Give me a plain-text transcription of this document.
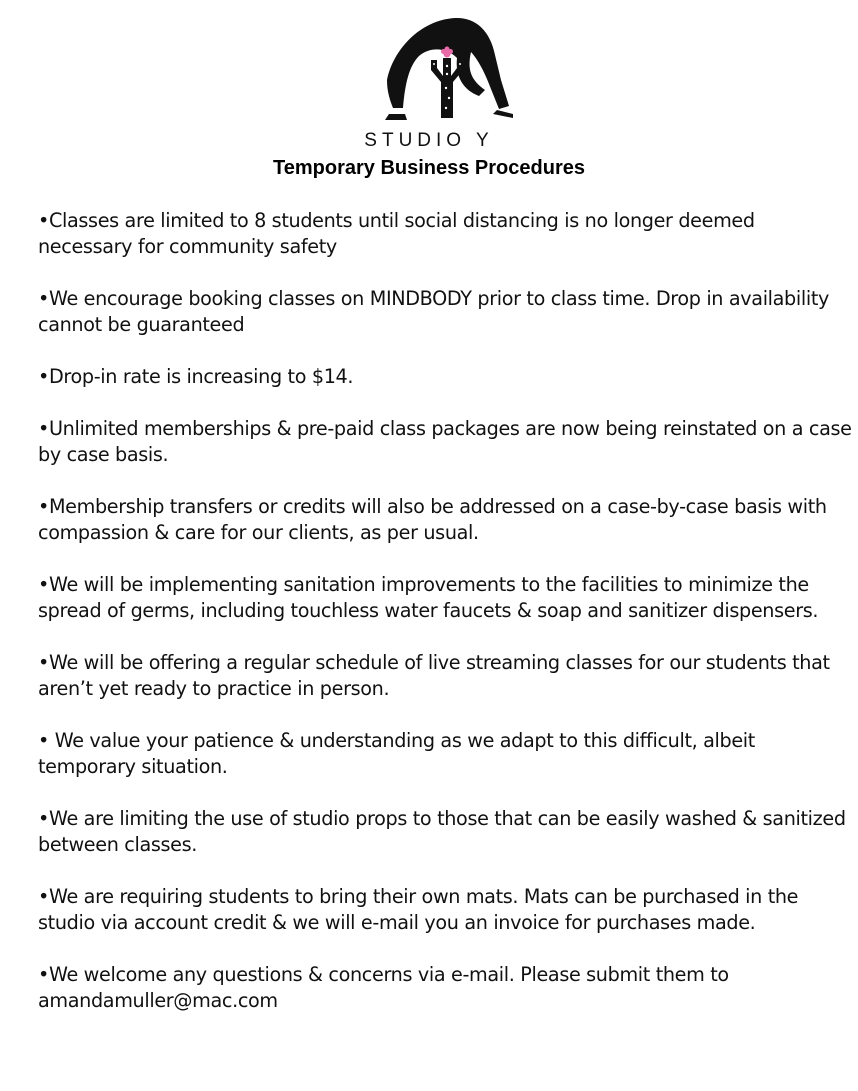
STUDIO Y
Temporary Business Procedures

•Classes are limited to 8 students until social distancing is no longer deemed necessary for community safety

•We encourage booking classes on MINDBODY prior to class time. Drop in availability cannot be guaranteed

•Drop-in rate is increasing to $14.

•Unlimited memberships & pre-paid class packages are now being reinstated on a case by case basis.

•Membership transfers or credits will also be addressed on a case-by-case basis with compassion & care for our clients, as per usual.

•We will be implementing sanitation improvements to the facilities to minimize the spread of germs, including touchless water faucets & soap and sanitizer dispensers.

•We will be offering a regular schedule of live streaming classes for our students that aren’t yet ready to practice in person.

• We value your patience & understanding as we adapt to this difficult, albeit temporary situation.

•We are limiting the use of studio props to those that can be easily washed & sanitized between classes.

•We are requiring students to bring their own mats. Mats can be purchased in the studio via account credit & we will e-mail you an invoice for purchases made.

•We welcome any questions & concerns via e-mail. Please submit them to amandamuller@mac.com
